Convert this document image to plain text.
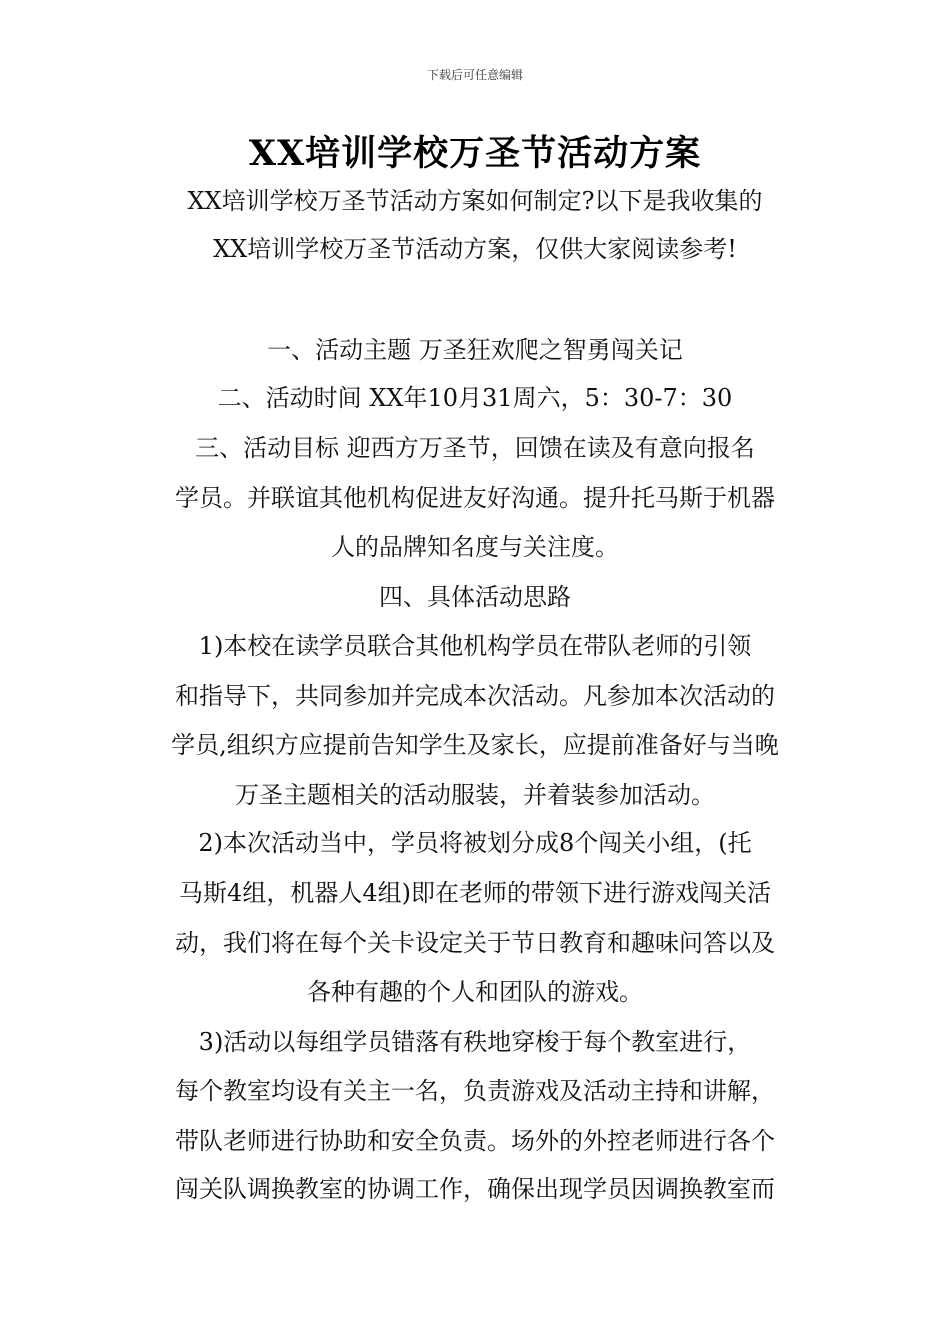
下载后可任意编辑
XX培训学校万圣节活动方案
XX培训学校万圣节活动方案如何制定?以下是我收集的
XX培训学校万圣节活动方案，仅供大家阅读参考!
一、活动主题 万圣狂欢爬之智勇闯关记
二、活动时间 XX年10月31周六，5：30-7：30
三、活动目标 迎西方万圣节，回馈在读及有意向报名
学员。并联谊其他机构促进友好沟通。提升托马斯于机器
人的品牌知名度与关注度。
四、具体活动思路
1)本校在读学员联合其他机构学员在带队老师的引领
和指导下，共同参加并完成本次活动。凡参加本次活动的
学员,组织方应提前告知学生及家长，应提前准备好与当晚
万圣主题相关的活动服装，并着装参加活动。
2)本次活动当中，学员将被划分成8个闯关小组，(托
马斯4组，机器人4组)即在老师的带领下进行游戏闯关活
动，我们将在每个关卡设定关于节日教育和趣味问答以及
各种有趣的个人和团队的游戏。
3)活动以每组学员错落有秩地穿梭于每个教室进行，
每个教室均设有关主一名，负责游戏及活动主持和讲解，
带队老师进行协助和安全负责。场外的外控老师进行各个
闯关队调换教室的协调工作，确保出现学员因调换教室而
